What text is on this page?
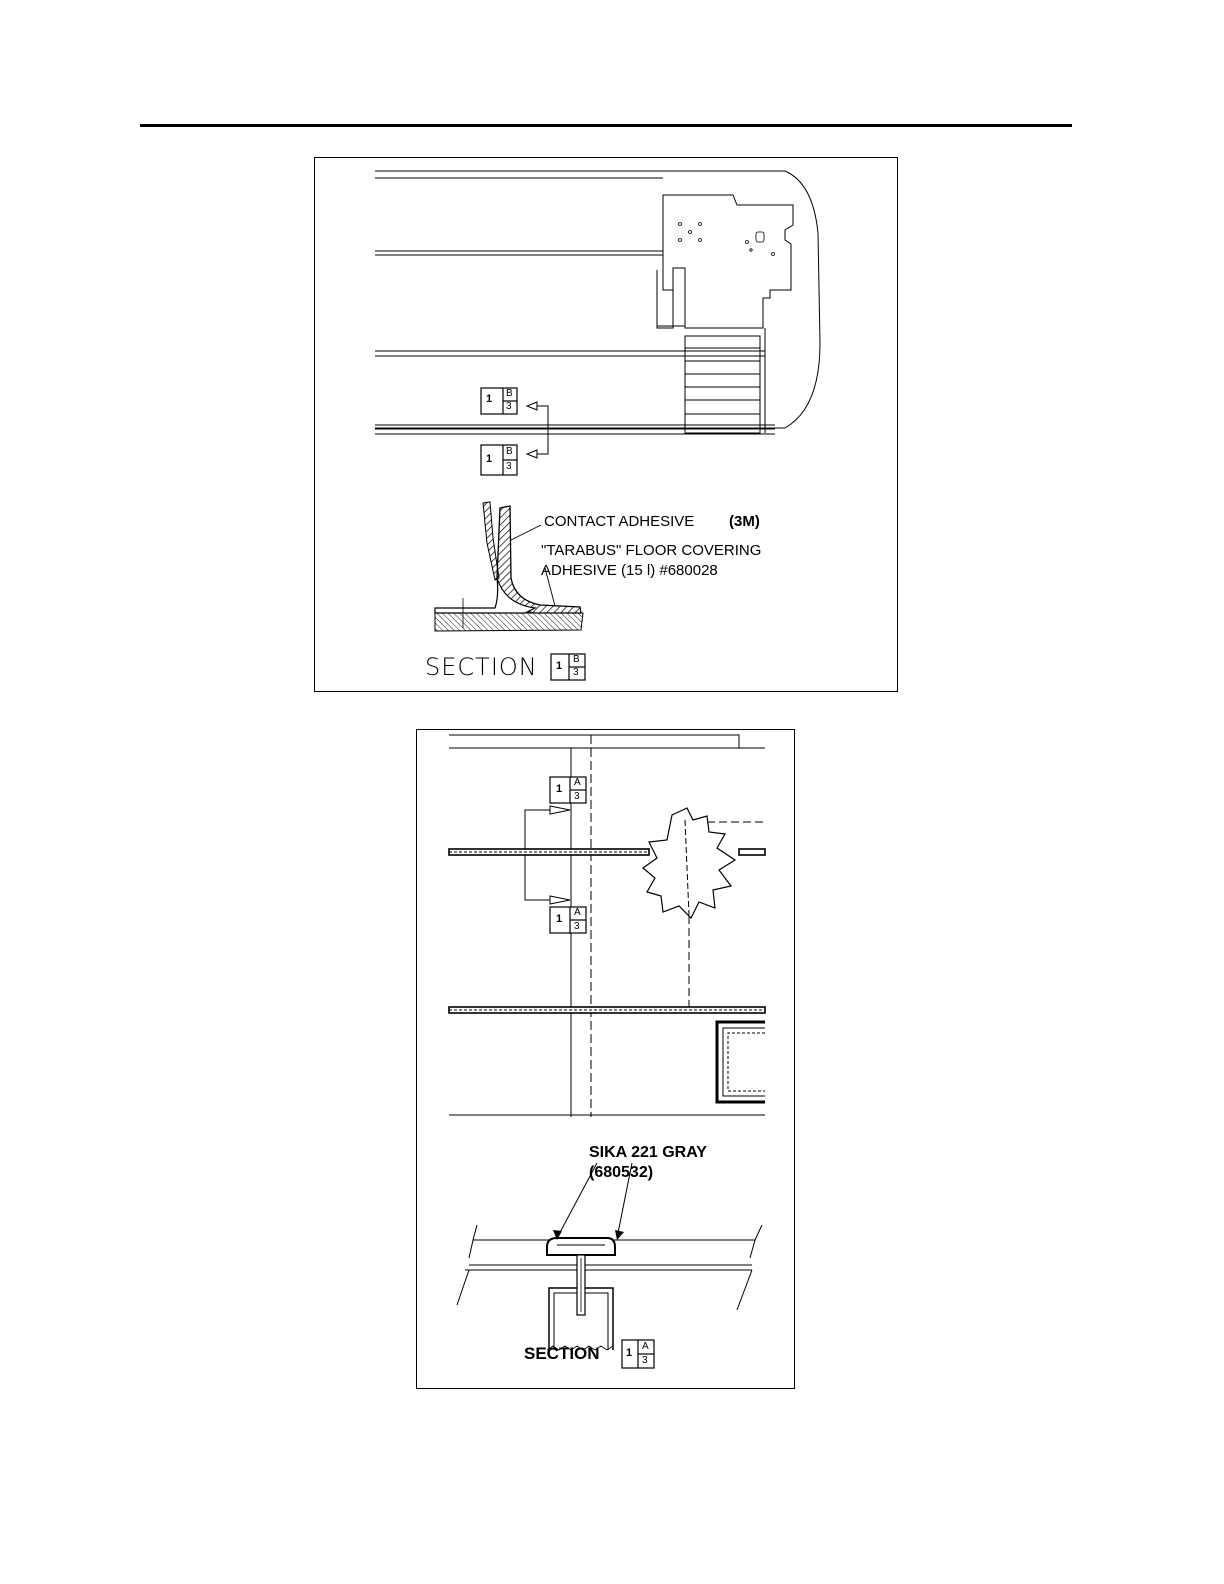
1 B
3
1
B
3
CONTACT ADHESIVE (3M)
"TARABUS" FLOOR COVERING
ADHESIVE (15 l) #680028
SECTION 1
B
3
1
A
3
1
A
3
SIKA 221 GRAY
(680532)
SECTION 1
A
3
